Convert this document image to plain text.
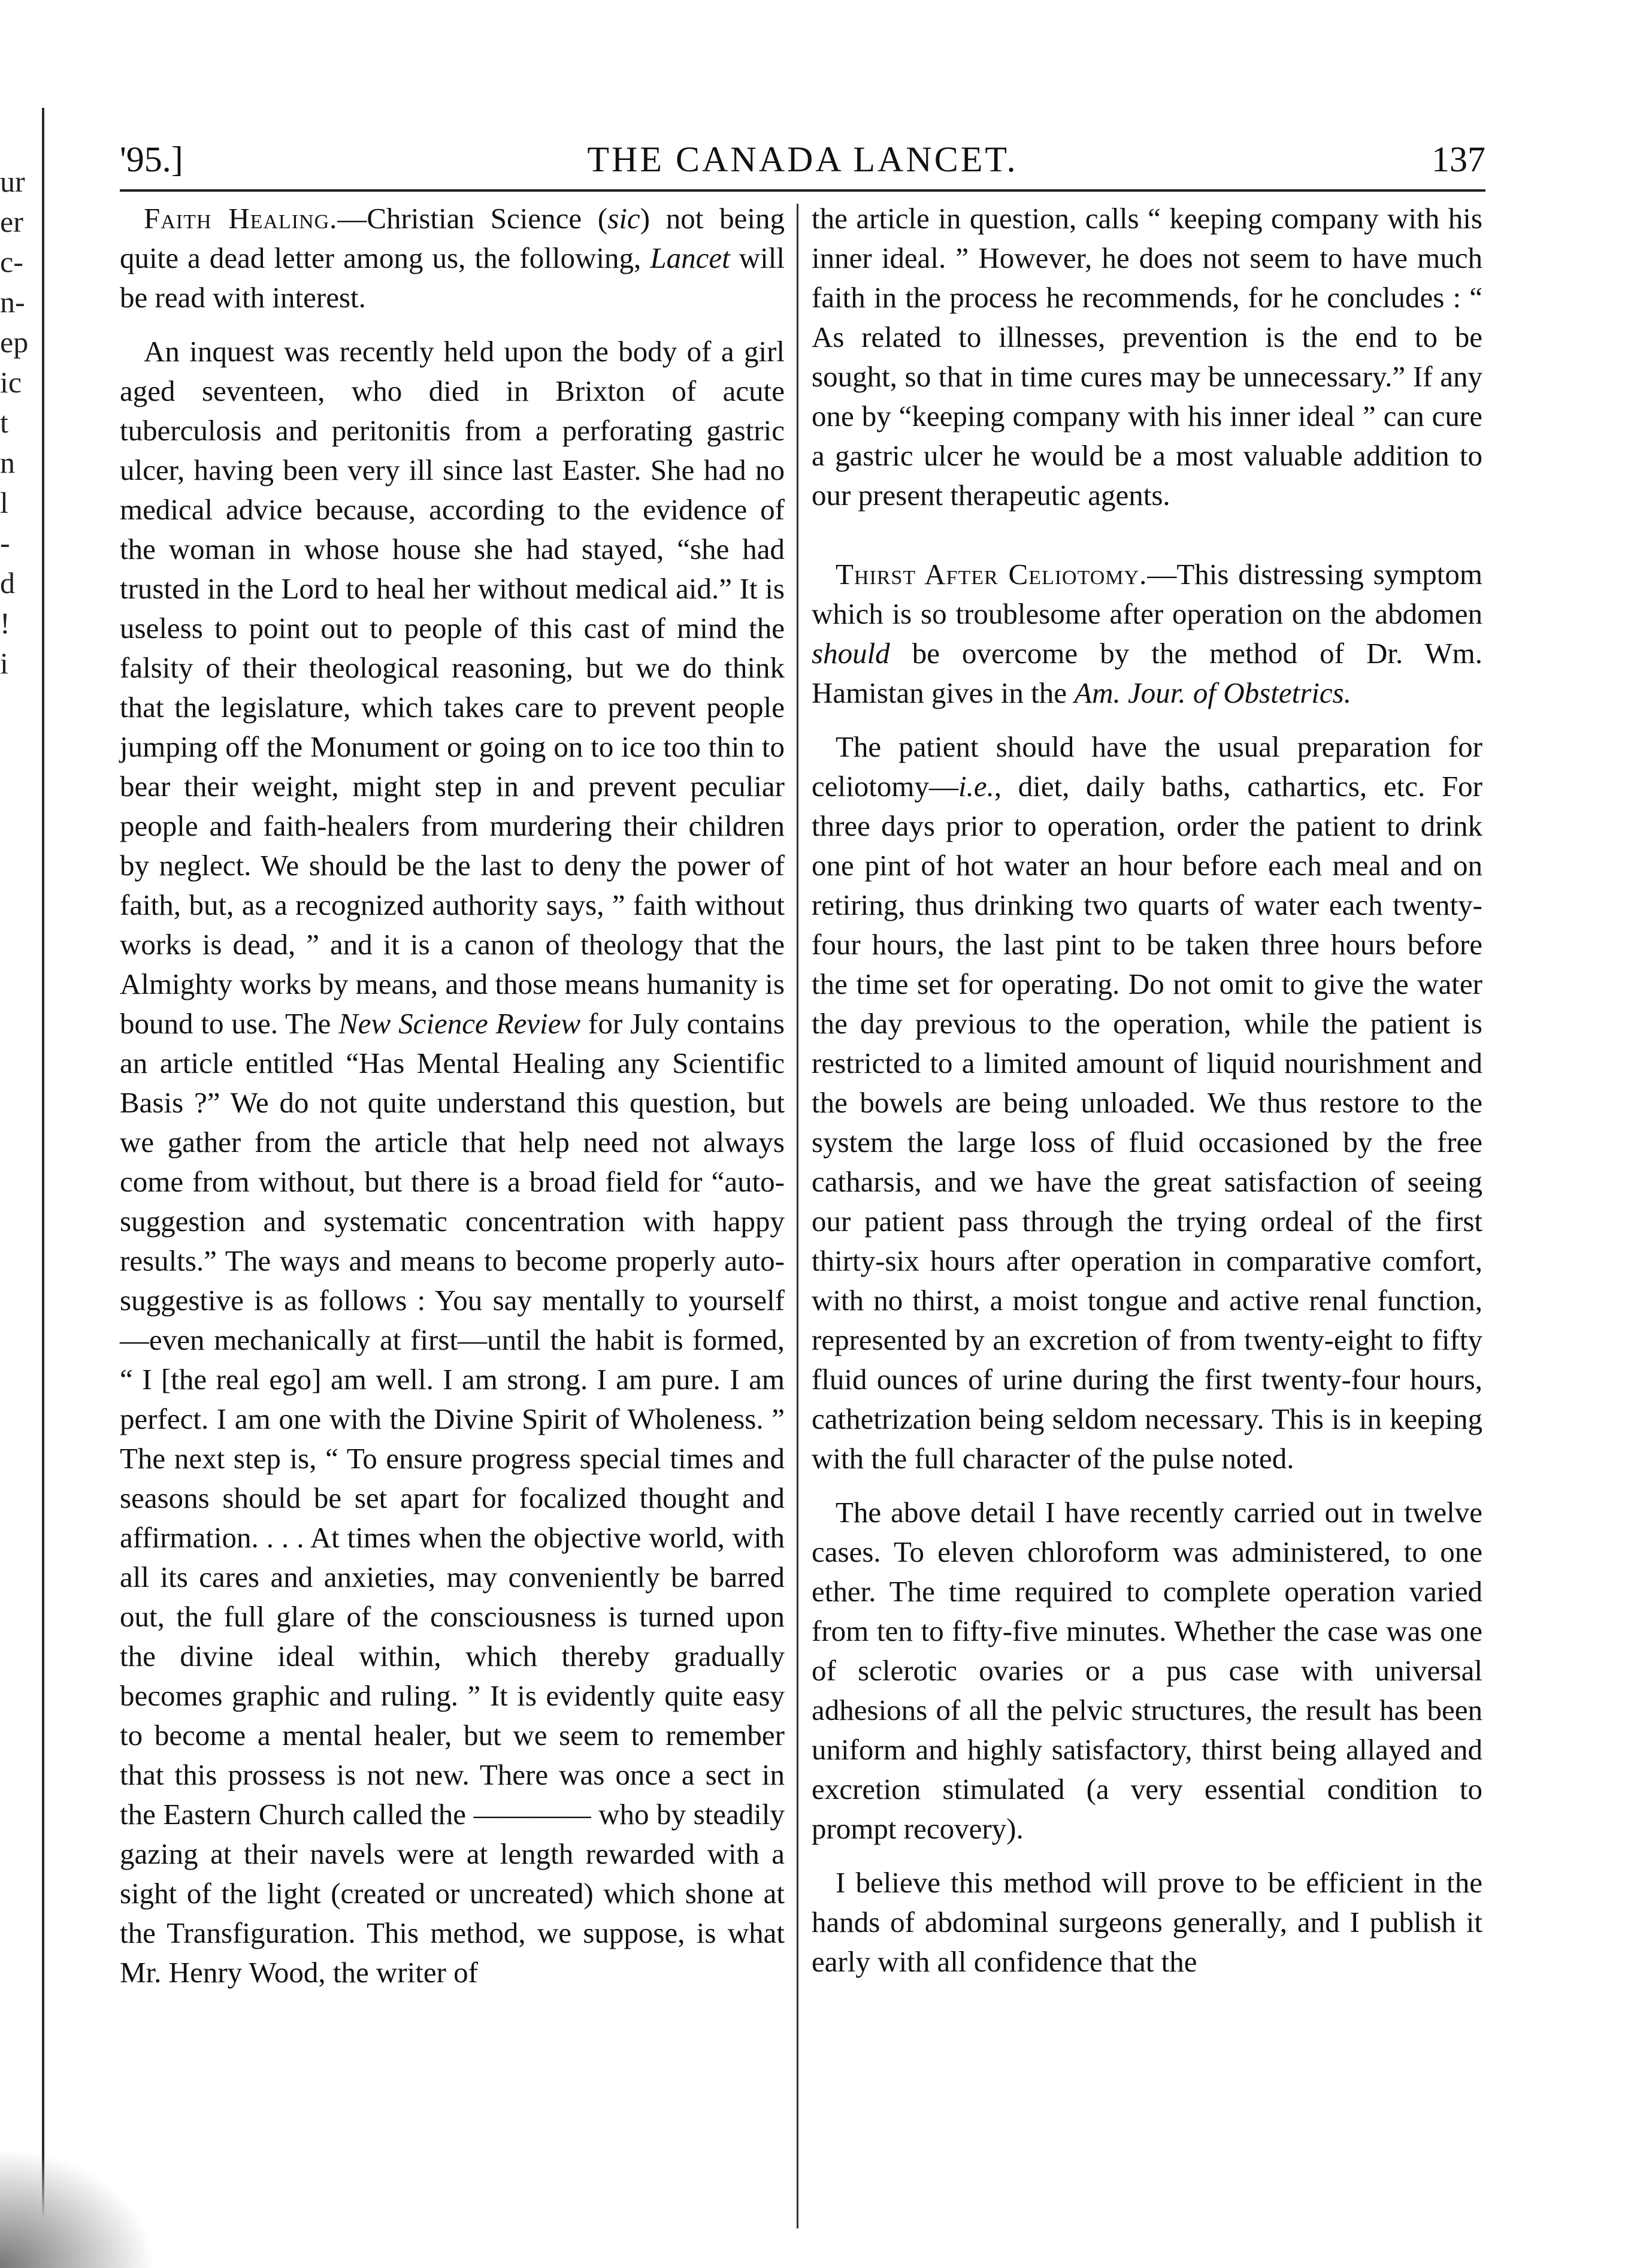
ur
er
c-
n-
ep
ic
t
n
l
-
d
!
i
THE CANADA LANCET.
'95.]	137

Faith Healing.—Christian Science (sic) not being quite a dead letter among us, the following, Lancet will be read with interest.

An inquest was recently held upon the body of a girl aged seventeen, who died in Brixton of acute tuberculosis and peritonitis from a perforating gastric ulcer, having been very ill since last Easter. She had no medical advice because, according to the evidence of the woman in whose house she had stayed, “she had trusted in the Lord to heal her without medical aid.” It is useless to point out to people of this cast of mind the falsity of their theological reasoning, but we do think that the legislature, which takes care to prevent people jumping off the Monument or going on to ice too thin to bear their weight, might step in and prevent peculiar people and faith-healers from murdering their children by neglect. We should be the last to deny the power of faith, but, as a recognized authority says, ” faith without works is dead, ” and it is a canon of theology that the Almighty works by means, and those means humanity is bound to use. The New Science Review for July contains an article entitled “Has Mental Healing any Scientific Basis ?” We do not quite understand this question, but we gather from the article that help need not always come from without, but there is a broad field for “auto-suggestion and systematic concentration with happy results.” The ways and means to become properly auto-suggestive is as follows : You say mentally to yourself—even mechanically at first—until the habit is formed, “ I [the real ego] am well. I am strong. I am pure. I am perfect. I am one with the Divine Spirit of Wholeness. ” The next step is, “ To ensure progress special times and seasons should be set apart for focalized thought and affirmation. . . . At times when the objective world, with all its cares and anxieties, may conveniently be barred out, the full glare of the consciousness is turned upon the divine ideal within, which thereby gradually becomes graphic and ruling. ” It is evidently quite easy to become a mental healer, but we seem to remember that this prossess is not new. There was once a sect in the Eastern Church called the ———— who by steadily gazing at their navels were at length rewarded with a sight of the light (created or uncreated) which shone at the Transfiguration. This method, we suppose, is what Mr. Henry Wood, the writer of

the article in question, calls “ keeping company with his inner ideal. ” However, he does not seem to have much faith in the process he recommends, for he concludes : “ As related to illnesses, prevention is the end to be sought, so that in time cures may be unnecessary.” If any one by “keeping company with his inner ideal ” can cure a gastric ulcer he would be a most valuable addition to our present therapeutic agents.

Thirst After Celiotomy.—This distressing symptom which is so troublesome after operation on the abdomen should be overcome by the method of Dr. Wm. Hamistan gives in the Am. Jour. of Obstetrics.

The patient should have the usual preparation for celiotomy—i.e., diet, daily baths, cathartics, etc. For three days prior to operation, order the patient to drink one pint of hot water an hour before each meal and on retiring, thus drinking two quarts of water each twenty-four hours, the last pint to be taken three hours before the time set for operating. Do not omit to give the water the day previous to the operation, while the patient is restricted to a limited amount of liquid nourishment and the bowels are being unloaded. We thus restore to the system the large loss of fluid occasioned by the free catharsis, and we have the great satisfaction of seeing our patient pass through the trying ordeal of the first thirty-six hours after operation in comparative comfort, with no thirst, a moist tongue and active renal function, represented by an excretion of from twenty-eight to fifty fluid ounces of urine during the first twenty-four hours, cathetrization being seldom necessary. This is in keeping with the full character of the pulse noted.

The above detail I have recently carried out in twelve cases. To eleven chloroform was administered, to one ether. The time required to complete operation varied from ten to fifty-five minutes. Whether the case was one of sclerotic ovaries or a pus case with universal adhesions of all the pelvic structures, the result has been uniform and highly satisfactory, thirst being allayed and excretion stimulated (a very essential condition to prompt recovery).

I believe this method will prove to be efficient in the hands of abdominal surgeons generally, and I publish it early with all confidence that the
